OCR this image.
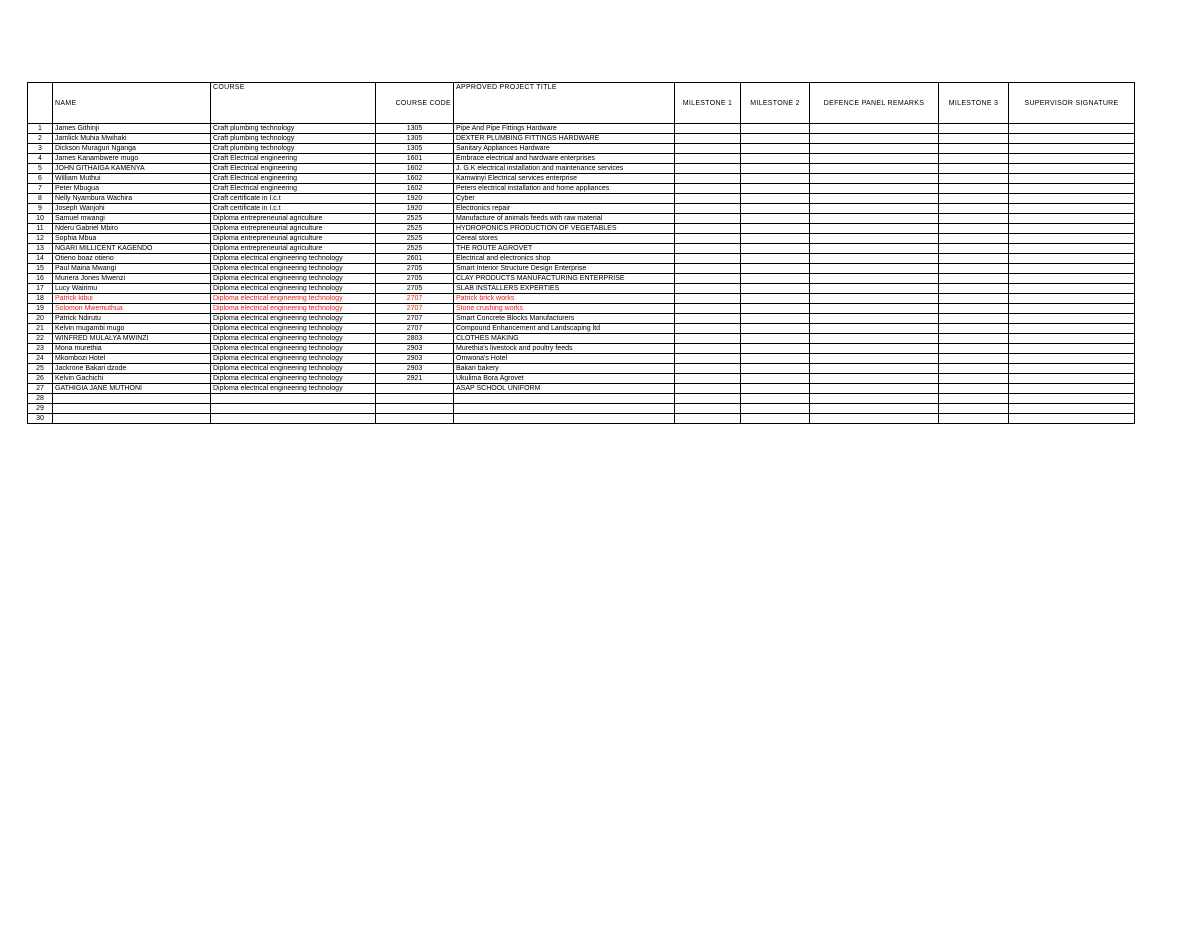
	NAME	COURSE	COURSE CODE	APPROVED PROJECT TITLE	MILESTONE 1	MILESTONE 2	DEFENCE PANEL REMARKS	MILESTONE 3	SUPERVISOR SIGNATURE
1	James Githinji	Craft plumbing technology	1305	Pipe And Pipe Fittings Hardware					
2	Jamlick Muhia Mwihaki	Craft plumbing technology	1305	DEXTER PLUMBING FITTINGS HARDWARE					
3	Dickson Muraguri Nganga	Craft plumbing technology	1305	Sanitary Appliances Hardware					
4	James Kanambwere mugo	Craft Electrical engineering	1601	Embrace electrical and hardware enterprises					
5	JOHN GITHAIGA KAMENYA	Craft Electrical engineering	1602	J. G.K electrical installation and maintenance services					
6	William Muthui	Craft Electrical engineering	1602	Kamwinyi Electrical services enterprise					
7	Peter Mbugua	Craft Electrical engineering	1602	Peters electrical installation and home appliances					
8	Nelly Nyambura Wachira	Craft certificate in I.c.t	1920	Cyber					
9	Joseph Wanjohi	Craft certificate in I.c.t	1920	Electronics repair					
10	Samuel mwangi	Diploma entrepreneurial agriculture	2525	Manufacture of animals feeds with raw material					
11	Nderu Gabriel Mbiro	Diploma entrepreneurial agriculture	2525	HYDROPONICS PRODUCTION OF VEGETABLES					
12	Sophia Mbua	Diploma entrepreneurial agriculture	2525	Cereal stores					
13	NGARI MILLICENT KAGENDO	Diploma entrepreneurial agriculture	2525	THE ROUTE AGROVET					
14	Otieno boaz otieno	Diploma electrical engineering technology	2601	Electrical and electronics shop					
15	Paul Maina Mwangi	Diploma electrical engineering technology	2705	Smart Interior Structure Design Enterprise					
16	Muriera Jones Mwenzi	Diploma electrical engineering technology	2705	CLAY PRODUCTS MANUFACTURING ENTERPRISE					
17	Lucy Wairimu	Diploma electrical engineering technology	2705	SLAB INSTALLERS EXPERTIES					
18	Patrick kibui	Diploma electrical engineering technology	2707	Patrick brick works					
19	Solomon Mwemuthua	Diploma electrical engineering technology	2707	Stone crushing works					
20	Patrick Ndirutu	Diploma electrical engineering technology	2707	Smart Concrete Blocks Manufacturers					
21	Kelvin mugambi mugo	Diploma electrical engineering technology	2707	Compound Enhancement and Landscaping ltd					
22	WINFRED MULALYA MWINZI	Diploma electrical engineering technology	2803	CLOTHES MAKING					
23	Mona murethia	Diploma electrical engineering technology	2903	Murethia's livestock and poultry feeds					
24	Mkombozi Hotel	Diploma electrical engineering technology	2903	Omwona's Hotel					
25	Jackrone Bakari dzode	Diploma electrical engineering technology	2903	Bakari bakery					
26	Kelvin Gachichi	Diploma electrical engineering technology	2921	Ukulima Bora Agrovet					
27	GATHIGIA JANE MUTHONI	Diploma electrical engineering technology		ASAP SCHOOL UNIFORM					
28									
29									
30									
